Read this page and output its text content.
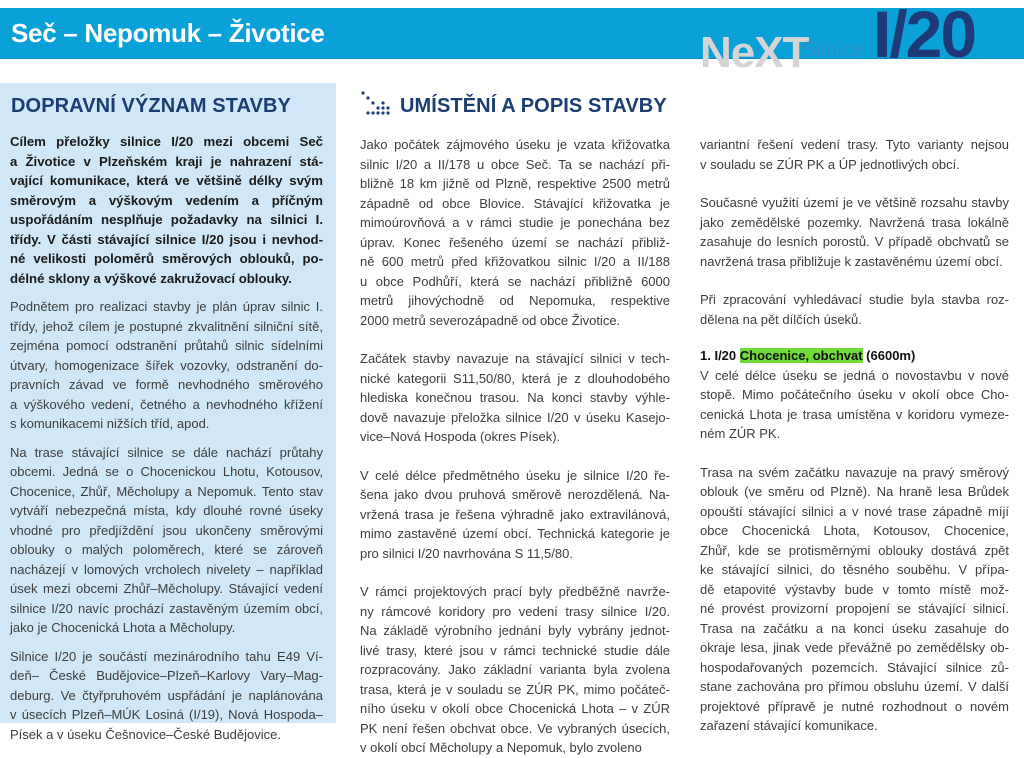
Seč – Nepomuk – Životice	NeXT
Silnice I/20
DOPRAVNÍ VÝZNAM STAVBY	UMÍSTĚNÍ A POPIS STAVBY
Cílem přeložky silnice I/20 mezi obcemi Seč
a Životice v Plzeňském kraji je nahrazení stá-
vající komunikace, která ve většině délky svým
směrovým a výškovým vedením a příčným
uspořádáním nesplňuje požadavky na silnici I.
třídy. V části stávající silnice I/20 jsou i nevhod-
né velikosti poloměrů směrových oblouků, po-
délné sklony a výškové zakružovací oblouky.
Podnětem pro realizaci stavby je plán úprav silnic I.
třídy, jehož cílem je postupné zkvalitnění silniční sítě,
zejména pomocí odstranění průtahů silnic sídelními
útvary, homogenizace šířek vozovky, odstranění do-
pravních závad ve formě nevhodného směrového
a výškového vedení, četného a nevhodného křížení
s komunikacemi nižších tříd, apod.
Na trase stávající silnice se dále nachází průtahy
obcemi. Jedná se o Chocenickou Lhotu, Kotousov,
Chocenice, Zhůř, Měcholupy a Nepomuk. Tento stav
vytváří nebezpečná místa, kdy dlouhé rovné úseky
vhodné pro předjíždění jsou ukončeny směrovými
oblouky o malých poloměrech, které se zároveň
nacházejí v lomových vrcholech nivelety – například
úsek mezi obcemi Zhůř–Měcholupy. Stávající vedení
silnice I/20 navíc prochází zastavěným územím obcí,
jako je Chocenická Lhota a Měcholupy.
Silnice I/20 je součástí mezinárodního tahu E49 Ví-
deň– České Budějovice–Plzeň–Karlovy Vary–Mag-
deburg. Ve čtyřpruhovém uspřádání je naplánována
v úsecích Plzeň–MÚK Losiná (I/19), Nová Hospoda–
Písek a v úseku Češnovice–České Budějovice.
Jako počátek zájmového úseku je vzata křižovatka
silnic I/20 a II/178 u obce Seč. Ta se nachází při-
bližně 18 km jižně od Plzně, respektive 2500 metrů
západně od obce Blovice. Stávající křižovatka je
mimoúrovňová a v rámci studie je ponechána bez
úprav. Konec řešeného území se nachází přibliž-
ně 600 metrů před křižovatkou silnic I/20 a II/188
u obce Podhůří, která se nachází přibližně 6000
metrů jihovýchodně od Nepomuka, respektive
2000 metrů severozápadně od obce Životice.
Začátek stavby navazuje na stávající silnici v tech-
nické kategorii S11,50/80, která je z dlouhodobého
hlediska konečnou trasou. Na konci stavby výhle-
dově navazuje přeložka silnice I/20 v úseku Kasejo-
vice–Nová Hospoda (okres Písek).
V celé délce předmětného úseku je silnice I/20 ře-
šena jako dvou pruhová směrově nerozdělená. Na-
vržená trasa je řešena výhradně jako extravilánová,
mimo zastavěné území obcí. Technická kategorie je
pro silnici I/20 navrhována S 11,5/80.
V rámci projektových prací byly předběžně navrže-
ny rámcové koridory pro vedení trasy silnice I/20.
Na základě výrobního jednání byly vybrány jednot-
livé trasy, které jsou v rámci technické studie dále
rozpracovány. Jako základní varianta byla zvolena
trasa, která je v souladu se ZÚR PK, mimo počáteč-
ního úseku v okolí obce Chocenická Lhota – v ZÚR
PK není řešen obchvat obce. Ve vybraných úsecích,
v okolí obcí Měcholupy a Nepomuk, bylo zvoleno
variantní řešení vedení trasy. Tyto varianty nejsou
v souladu se ZÚR PK a ÚP jednotlivých obcí.
Současné využití území je ve většině rozsahu stavby
jako zemědělské pozemky. Navržená trasa lokálně
zasahuje do lesních porostů. V případě obchvatů se
navržená trasa přibližuje k zastavěnému území obcí.
Při zpracování vyhledávací studie byla stavba roz-
dělena na pět dílčích úseků.
1. I/20 Chocenice, obchvat (6600m)
V celé délce úseku se jedná o novostavbu v nové
stopě. Mimo počátečního úseku v okolí obce Cho-
cenická Lhota je trasa umístěna v koridoru vymeze-
ném ZÚR PK.
Trasa na svém začátku navazuje na pravý směrový
oblouk (ve směru od Plzně). Na hraně lesa Brůdek
opouští stávající silnici a v nové trase západně míjí
obce Chocenická Lhota, Kotousov, Chocenice,
Zhůř, kde se protisměrnými oblouky dostává zpět
ke stávající silnici, do těsného souběhu. V přípa-
dě etapovité výstavby bude v tomto místě mož-
né provést provizorní propojení se stávající silnicí.
Trasa na začátku a na konci úseku zasahuje do
okraje lesa, jinak vede převážně po zemědělsky ob-
hospodařovaných pozemcích. Stávající silnice zů-
stane zachována pro přímou obsluhu území. V další
projektové přípravě je nutné rozhodnout o novém
zařazení stávající komunikace.
